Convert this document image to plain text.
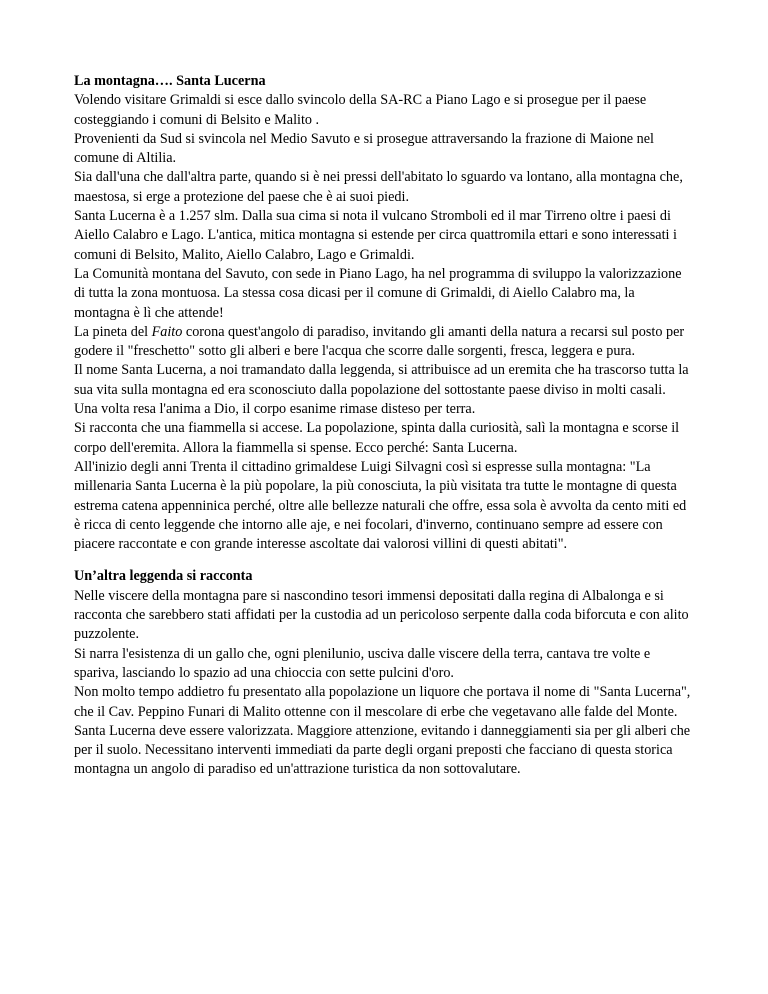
La montagna…. Santa Lucerna
Volendo visitare Grimaldi si esce dallo svincolo della SA-RC a Piano Lago e si prosegue per il paese costeggiando i comuni di Belsito e Malito .
Provenienti da Sud si svincola nel Medio Savuto e si prosegue attraversando la frazione di Maione nel comune di Altilia.
Sia dall'una che dall'altra parte, quando si è nei pressi dell'abitato lo sguardo va lontano, alla montagna che, maestosa, si erge a protezione del paese che è ai suoi piedi.
Santa Lucerna è a 1.257 slm. Dalla sua cima si nota il vulcano Stromboli ed il mar Tirreno oltre i paesi di Aiello Calabro e Lago. L'antica, mitica montagna si estende per circa quattromila ettari e sono interessati i comuni di Belsito, Malito, Aiello Calabro, Lago e Grimaldi.
La Comunità montana del Savuto, con sede in Piano Lago, ha nel programma di sviluppo la valorizzazione di tutta la zona montuosa. La stessa cosa dicasi per il comune di Grimaldi, di Aiello Calabro ma, la montagna è lì che attende!
La pineta del Faito corona quest'angolo di paradiso, invitando gli amanti della natura a recarsi sul posto per godere il "freschetto" sotto gli alberi e bere l'acqua che scorre dalle sorgenti, fresca, leggera e pura.
Il nome Santa Lucerna, a noi tramandato dalla leggenda, si attribuisce ad un eremita che ha trascorso tutta la sua vita sulla montagna ed era sconosciuto dalla popolazione del sottostante paese diviso in molti casali.
Una volta resa l'anima a Dio, il corpo esanime rimase disteso per terra.
Si racconta che una fiammella si accese. La popolazione, spinta dalla curiosità, salì la montagna e scorse il corpo dell'eremita. Allora la fiammella si spense. Ecco perché: Santa Lucerna.
All'inizio degli anni Trenta il cittadino grimaldese Luigi Silvagni così si espresse sulla montagna: "La millenaria Santa Lucerna è la più popolare, la più conosciuta, la più visitata tra tutte le montagne di questa estrema catena appenninica perché, oltre alle bellezze naturali che offre, essa sola è avvolta da cento miti ed è ricca di cento leggende che intorno alle aje, e nei focolari, d'inverno, continuano sempre ad essere con piacere raccontate e con grande interesse ascoltate dai valorosi villini di questi abitati".
Un’altra leggenda si racconta
Nelle viscere della montagna pare si nascondino tesori immensi depositati dalla regina di Albalonga e si racconta che sarebbero stati affidati per la custodia ad un pericoloso serpente dalla coda biforcuta e con alito puzzolente.
Si narra l'esistenza di un gallo che, ogni plenilunio, usciva dalle viscere della terra, cantava tre volte e spariva, lasciando lo spazio ad una chioccia con sette pulcini d'oro.
Non molto tempo addietro fu presentato alla popolazione un liquore che portava il nome di "Santa Lucerna", che il Cav. Peppino Funari di Malito ottenne con il mescolare di erbe che vegetavano alle falde del Monte.
Santa Lucerna deve essere valorizzata. Maggiore attenzione, evitando i danneggiamenti sia per gli alberi che per il suolo. Necessitano interventi immediati da parte degli organi preposti che facciano di questa storica montagna un angolo di paradiso ed un'attrazione turistica da non sottovalutare.
